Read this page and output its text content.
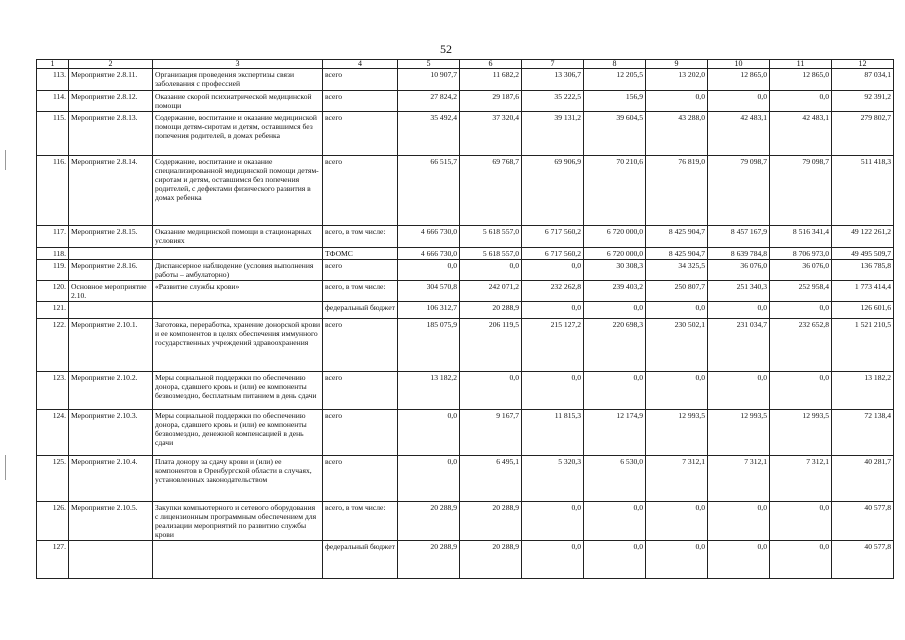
52
1	2	3	4	5	6	7	8	9	10	11	12
113.	Мероприятие 2.8.11.	Организация проведения экспертизы связи заболевания с профессией	всего	10 907,7	11 682,2	13 306,7	12 205,5	13 202,0	12 865,0	12 865,0	87 034,1
114.	Мероприятие 2.8.12.	Оказание скорой психиатрической медицинской помощи	всего	27 824,2	29 187,6	35 222,5	156,9	0,0	0,0	0,0	92 391,2
115.	Мероприятие 2.8.13.	Содержание, воспитание и оказание медицинской помощи детям-сиротам и детям, оставшимся без попечения родителей, в домах ребенка	всего	35 492,4	37 320,4	39 131,2	39 604,5	43 288,0	42 483,1	42 483,1	279 802,7
116.	Мероприятие 2.8.14.	Содержание, воспитание и оказание специализированной медицинской помощи детям-сиротам и детям, оставшимся без попечения родителей, с дефектами физического развития в домах ребенка	всего	66 515,7	69 768,7	69 906,9	70 210,6	76 819,0	79 098,7	79 098,7	511 418,3
117.	Мероприятие 2.8.15.	Оказание медицинской помощи в стационарных условиях	всего, в том числе:	4 666 730,0	5 618 557,0	6 717 560,2	6 720 000,0	8 425 904,7	8 457 167,9	8 516 341,4	49 122 261,2
118.			ТФОМС	4 666 730,0	5 618 557,0	6 717 560,2	6 720 000,0	8 425 904,7	8 639 784,8	8 706 973,0	49 495 509,7
119.	Мероприятие 2.8.16.	Диспансерное наблюдение (условия выполнения работы – амбулаторно)	всего	0,0	0,0	0,0	30 308,3	34 325,5	36 076,0	36 076,0	136 785,8
120.	Основное мероприятие 2.10.	«Развитие службы крови»	всего, в том числе:	304 570,8	242 071,2	232 262,8	239 403,2	250 807,7	251 340,3	252 958,4	1 773 414,4
121.			федеральный бюджет	106 312,7	20 288,9	0,0	0,0	0,0	0,0	0,0	126 601,6
122.	Мероприятие 2.10.1.	Заготовка, переработка, хранение донорской крови и ее компонентов в целях обеспечения иммунного государственных учреждений здравоохранения	всего	185 075,9	206 119,5	215 127,2	220 698,3	230 502,1	231 034,7	232 652,8	1 521 210,5
123.	Мероприятие 2.10.2.	Меры социальной поддержки по обеспечению донора, сдавшего кровь и (или) ее компоненты безвозмездно, бесплатным питанием в день сдачи	всего	13 182,2	0,0	0,0	0,0	0,0	0,0	0,0	13 182,2
124.	Мероприятие 2.10.3.	Меры социальной поддержки по обеспечению донора, сдавшего кровь и (или) ее компоненты безвозмездно, денежной компенсацией в день сдачи	всего	0,0	9 167,7	11 815,3	12 174,9	12 993,5	12 993,5	12 993,5	72 138,4
125.	Мероприятие 2.10.4.	Плата донору за сдачу крови и (или) ее компонентов в Оренбургской области в случаях, установленных законодательством	всего	0,0	6 495,1	5 320,3	6 530,0	7 312,1	7 312,1	7 312,1	40 281,7
126.	Мероприятие 2.10.5.	Закупки компьютерного и сетевого оборудования с лицензионным программным обеспечением для реализации мероприятий по развитию службы крови	всего, в том числе:	20 288,9	20 288,9	0,0	0,0	0,0	0,0	0,0	40 577,8
127.			федеральный бюджет	20 288,9	20 288,9	0,0	0,0	0,0	0,0	0,0	40 577,8
